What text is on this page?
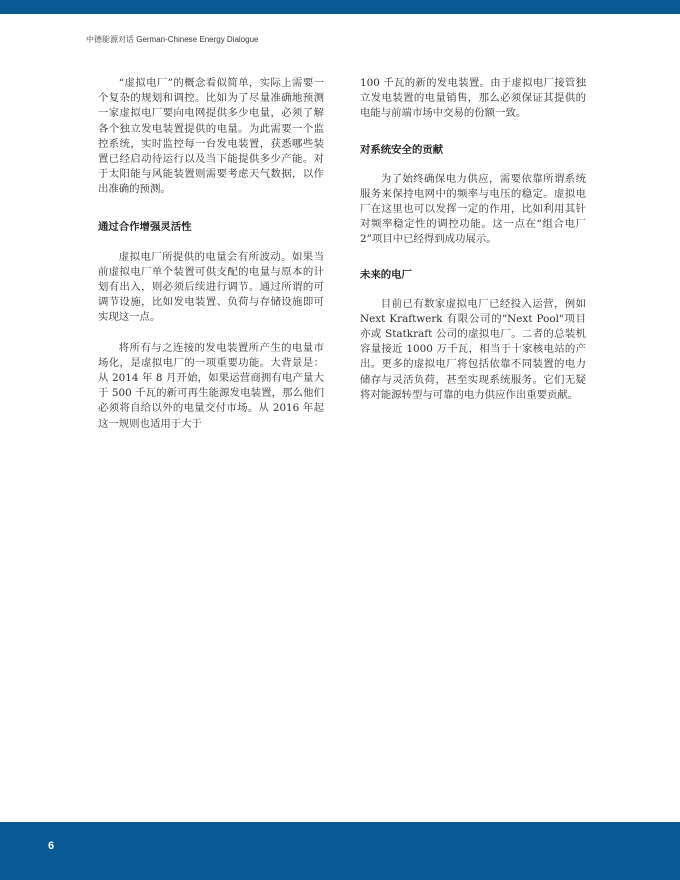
中德能源对话 German-Chinese Energy Dialogue

“虚拟电厂”的概念看似简单，实际上需要一个复杂的规划和调控。比如为了尽量准确地预测一家虚拟电厂要向电网提供多少电量，必须了解各个独立发电装置提供的电量。为此需要一个监控系统，实时监控每一台发电装置，获悉哪些装置已经启动待运行以及当下能提供多少产能。对于太阳能与风能装置则需要考虑天气数据，以作出准确的预测。

通过合作增强灵活性

虚拟电厂所提供的电量会有所波动。如果当前虚拟电厂单个装置可供支配的电量与原本的计划有出入，则必须后续进行调节。通过所谓的可调节设施，比如发电装置、负荷与存储设施即可实现这一点。

将所有与之连接的发电装置所产生的电量市场化，是虚拟电厂的一项重要功能。大背景是：从 2014 年 8 月开始，如果运营商拥有电产量大于 500 千瓦的新可再生能源发电装置，那么他们必须将自给以外的电量交付市场。从 2016 年起这一规则也适用于大于

100 千瓦的新的发电装置。由于虚拟电厂接管独立发电装置的电量销售，那么必须保证其提供的电能与前端市场中交易的份额一致。

对系统安全的贡献

为了始终确保电力供应，需要依靠所谓系统服务来保持电网中的频率与电压的稳定。虚拟电厂在这里也可以发挥一定的作用，比如利用其针对频率稳定性的调控功能。这一点在“组合电厂 2”项目中已经得到成功展示。

未来的电厂

目前已有数家虚拟电厂已经投入运营，例如 Next Kraftwerk 有限公司的"Next Pool"项目亦或 Statkraft 公司的虚拟电厂。二者的总装机容量接近 1000 万千瓦，相当于十家核电站的产出。更多的虚拟电厂将包括依靠不同装置的电力储存与灵活负荷，甚至实现系统服务。它们无疑将对能源转型与可靠的电力供应作出重要贡献。

6
